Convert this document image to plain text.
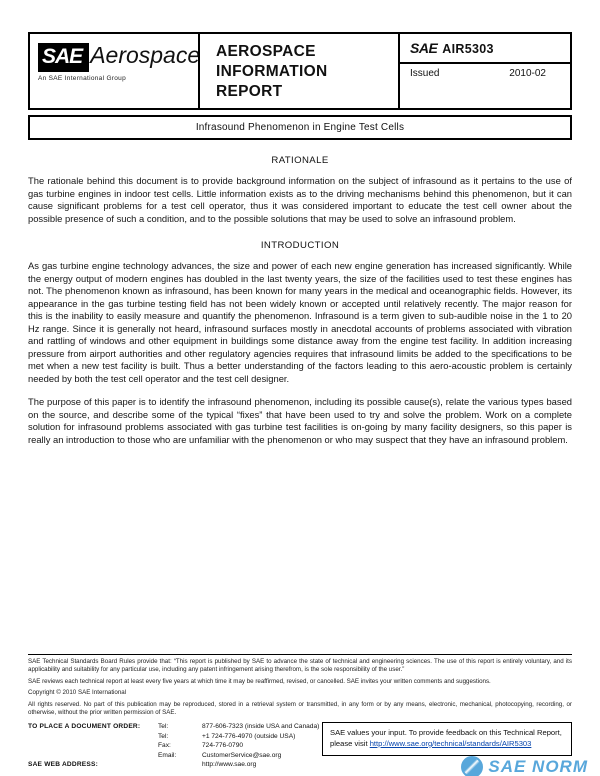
SAE Aerospace
An SAE International Group
AEROSPACE INFORMATION REPORT
SAE AIR5303
Issued	2010-02
Infrasound Phenomenon in Engine Test Cells
RATIONALE

The rationale behind this document is to provide background information on the subject of infrasound as it pertains to the use of gas turbine engines in indoor test cells. Little information exists as to the driving mechanisms behind this phenomenon, but it can cause significant problems for a test cell operator, thus it was considered important to educate the test cell owner about the possible presence of such a condition, and to the possible solutions that may be used to solve an infrasound problem.

INTRODUCTION

As gas turbine engine technology advances, the size and power of each new engine generation has increased significantly. While the energy output of modern engines has doubled in the last twenty years, the size of the facilities used to test these engines has not. The phenomenon known as infrasound, has been known for many years in the medical and oceanographic fields. However, its appearance in the gas turbine testing field has not been widely known or accepted until relatively recently. The major reason for this is the inability to easily measure and quantify the phenomenon. Infrasound is a term given to sub-audible noise in the 1 to 20 Hz range. Since it is generally not heard, infrasound surfaces mostly in anecdotal accounts of problems associated with vibration and rattling of windows and other equipment in buildings some distance away from the engine test facility. In addition increasing pressure from airport authorities and other regulatory agencies requires that infrasound limits be added to the specifications to be met when a new test facility is built. Thus a better understanding of the factors leading to this aero-acoustic problem is certainly needed by both the test cell operator and the test cell designer.

The purpose of this paper is to identify the infrasound phenomenon, including its possible cause(s), relate the various types based on the source, and describe some of the typical “fixes” that have been used to try and solve the problem. Work on a complete solution for infrasound problems associated with gas turbine test facilities is on-going by many facility designers, so this paper is really an introduction to those who are unfamiliar with the phenomenon or who may suspect that they have an infrasound problem.

SAE Technical Standards Board Rules provide that: “This report is published by SAE to advance the state of technical and engineering sciences. The use of this report is entirely voluntary, and its applicability and suitability for any particular use, including any patent infringement arising therefrom, is the sole responsibility of the user.”

SAE reviews each technical report at least every five years at which time it may be reaffirmed, revised, or cancelled. SAE invites your written comments and suggestions.

Copyright © 2010 SAE International

All rights reserved. No part of this publication may be reproduced, stored in a retrieval system or transmitted, in any form or by any means, electronic, mechanical, photocopying, recording, or otherwise, without the prior written permission of SAE.

TO PLACE A DOCUMENT ORDER:	Tel:	877-606-7323 (inside USA and Canada)
Tel:	+1 724-776-4970 (outside USA)
Fax:	724-776-0790
Email:	CustomerService@sae.org
SAE WEB ADDRESS:	http://www.sae.org
SAE values your input. To provide feedback on this Technical Report, please visit http://www.sae.org/technical/standards/AIR5303
SAE NORM
